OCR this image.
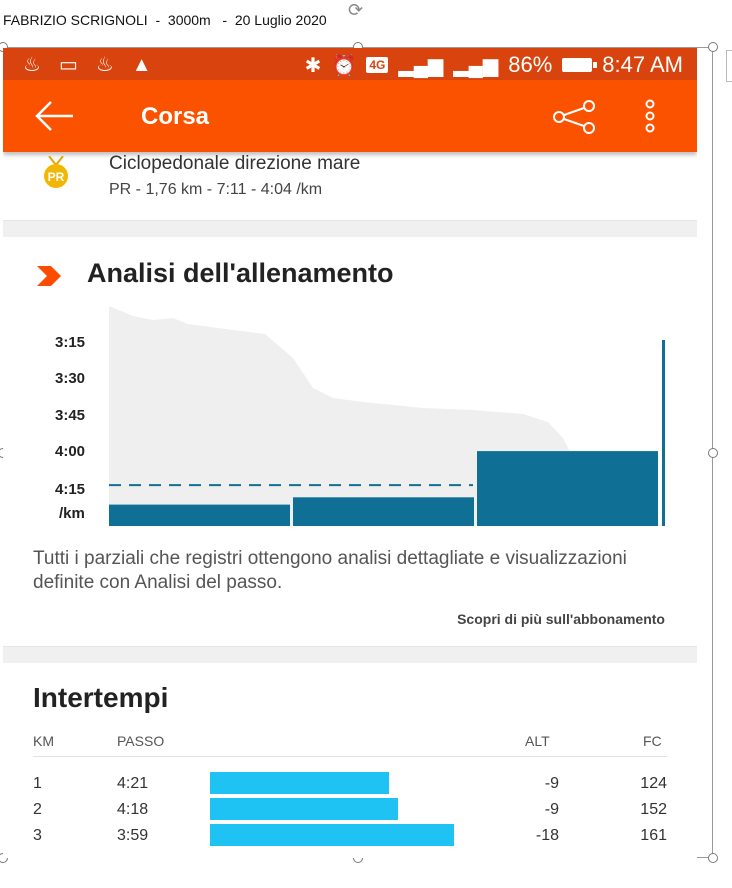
FABRIZIO SCRIGNOLI  -  3000m   -  20 Luglio 2020 ⟳
♨▭♨▲	✱ ⏰ 4G ▂▄▆ ▂▄▆ 86% 8:47 AM
Corsa
PR
Ciclopedonale direzione mare
PR - 1,76 km - 7:11 - 4:04 /km
Analisi dell'allenamento
3:15
3:30
3:45
4:00
4:15
/km
Tutti i parziali che registri ottengono analisi dettagliate e visualizzazioni definite con Analisi del passo.
Scopri di più sull'abbonamento
Intertempi
KM	PASSO	ALT	FC
1	4:21	-9	124
2	4:18	-9	152
3	3:59	-18	161
